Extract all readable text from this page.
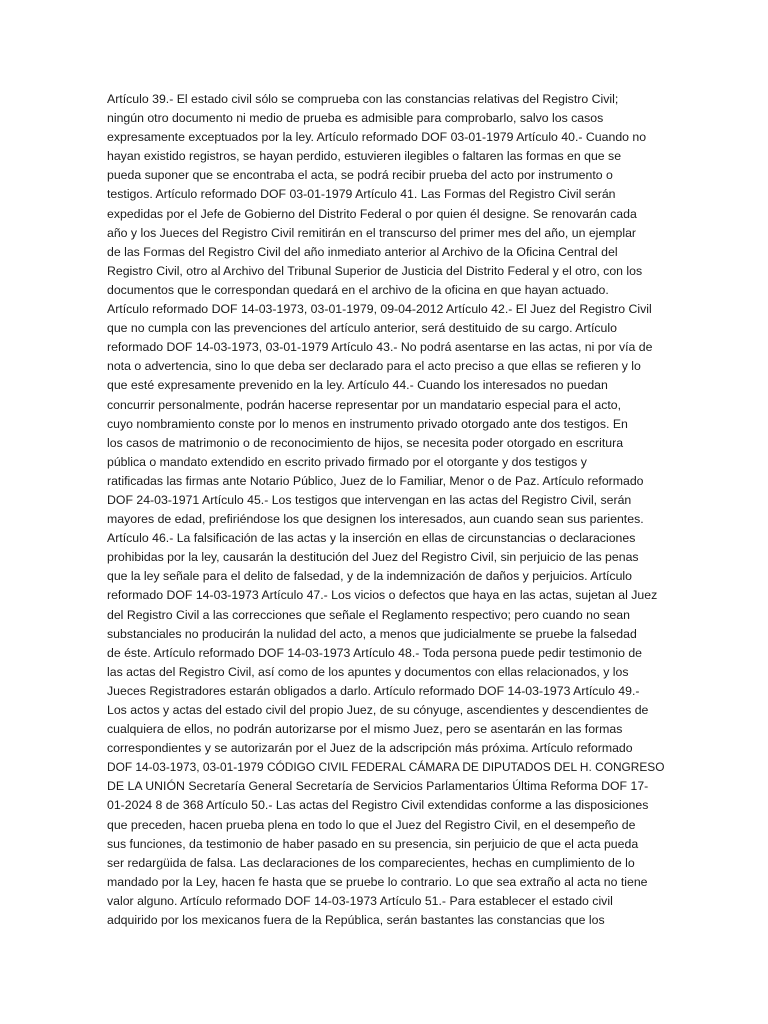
Artículo 39.- El estado civil sólo se comprueba con las constancias relativas del Registro Civil;
ningún otro documento ni medio de prueba es admisible para comprobarlo, salvo los casos
expresamente exceptuados por la ley. Artículo reformado DOF 03-01-1979 Artículo 40.- Cuando no
hayan existido registros, se hayan perdido, estuvieren ilegibles o faltaren las formas en que se
pueda suponer que se encontraba el acta, se podrá recibir prueba del acto por instrumento o
testigos. Artículo reformado DOF 03-01-1979 Artículo 41. Las Formas del Registro Civil serán
expedidas por el Jefe de Gobierno del Distrito Federal o por quien él designe. Se renovarán cada
año y los Jueces del Registro Civil remitirán en el transcurso del primer mes del año, un ejemplar
de las Formas del Registro Civil del año inmediato anterior al Archivo de la Oficina Central del
Registro Civil, otro al Archivo del Tribunal Superior de Justicia del Distrito Federal y el otro, con los
documentos que le correspondan quedará en el archivo de la oficina en que hayan actuado.
Artículo reformado DOF 14-03-1973, 03-01-1979, 09-04-2012 Artículo 42.- El Juez del Registro Civil
que no cumpla con las prevenciones del artículo anterior, será destituido de su cargo. Artículo
reformado DOF 14-03-1973, 03-01-1979 Artículo 43.- No podrá asentarse en las actas, ni por vía de
nota o advertencia, sino lo que deba ser declarado para el acto preciso a que ellas se refieren y lo
que esté expresamente prevenido en la ley. Artículo 44.- Cuando los interesados no puedan
concurrir personalmente, podrán hacerse representar por un mandatario especial para el acto,
cuyo nombramiento conste por lo menos en instrumento privado otorgado ante dos testigos. En
los casos de matrimonio o de reconocimiento de hijos, se necesita poder otorgado en escritura
pública o mandato extendido en escrito privado firmado por el otorgante y dos testigos y
ratificadas las firmas ante Notario Público, Juez de lo Familiar, Menor o de Paz. Artículo reformado
DOF 24-03-1971 Artículo 45.- Los testigos que intervengan en las actas del Registro Civil, serán
mayores de edad, prefiriéndose los que designen los interesados, aun cuando sean sus parientes.
Artículo 46.- La falsificación de las actas y la inserción en ellas de circunstancias o declaraciones
prohibidas por la ley, causarán la destitución del Juez del Registro Civil, sin perjuicio de las penas
que la ley señale para el delito de falsedad, y de la indemnización de daños y perjuicios. Artículo
reformado DOF 14-03-1973 Artículo 47.- Los vicios o defectos que haya en las actas, sujetan al Juez
del Registro Civil a las correcciones que señale el Reglamento respectivo; pero cuando no sean
substanciales no producirán la nulidad del acto, a menos que judicialmente se pruebe la falsedad
de éste. Artículo reformado DOF 14-03-1973 Artículo 48.- Toda persona puede pedir testimonio de
las actas del Registro Civil, así como de los apuntes y documentos con ellas relacionados, y los
Jueces Registradores estarán obligados a darlo. Artículo reformado DOF 14-03-1973 Artículo 49.-
Los actos y actas del estado civil del propio Juez, de su cónyuge, ascendientes y descendientes de
cualquiera de ellos, no podrán autorizarse por el mismo Juez, pero se asentarán en las formas
correspondientes y se autorizarán por el Juez de la adscripción más próxima. Artículo reformado
DOF 14-03-1973, 03-01-1979 CÓDIGO CIVIL FEDERAL CÁMARA DE DIPUTADOS DEL H. CONGRESO
DE LA UNIÓN Secretaría General Secretaría de Servicios Parlamentarios Última Reforma DOF 17-
01-2024 8 de 368 Artículo 50.- Las actas del Registro Civil extendidas conforme a las disposiciones
que preceden, hacen prueba plena en todo lo que el Juez del Registro Civil, en el desempeño de
sus funciones, da testimonio de haber pasado en su presencia, sin perjuicio de que el acta pueda
ser redargüida de falsa. Las declaraciones de los comparecientes, hechas en cumplimiento de lo
mandado por la Ley, hacen fe hasta que se pruebe lo contrario. Lo que sea extraño al acta no tiene
valor alguno. Artículo reformado DOF 14-03-1973 Artículo 51.- Para establecer el estado civil
adquirido por los mexicanos fuera de la República, serán bastantes las constancias que los
